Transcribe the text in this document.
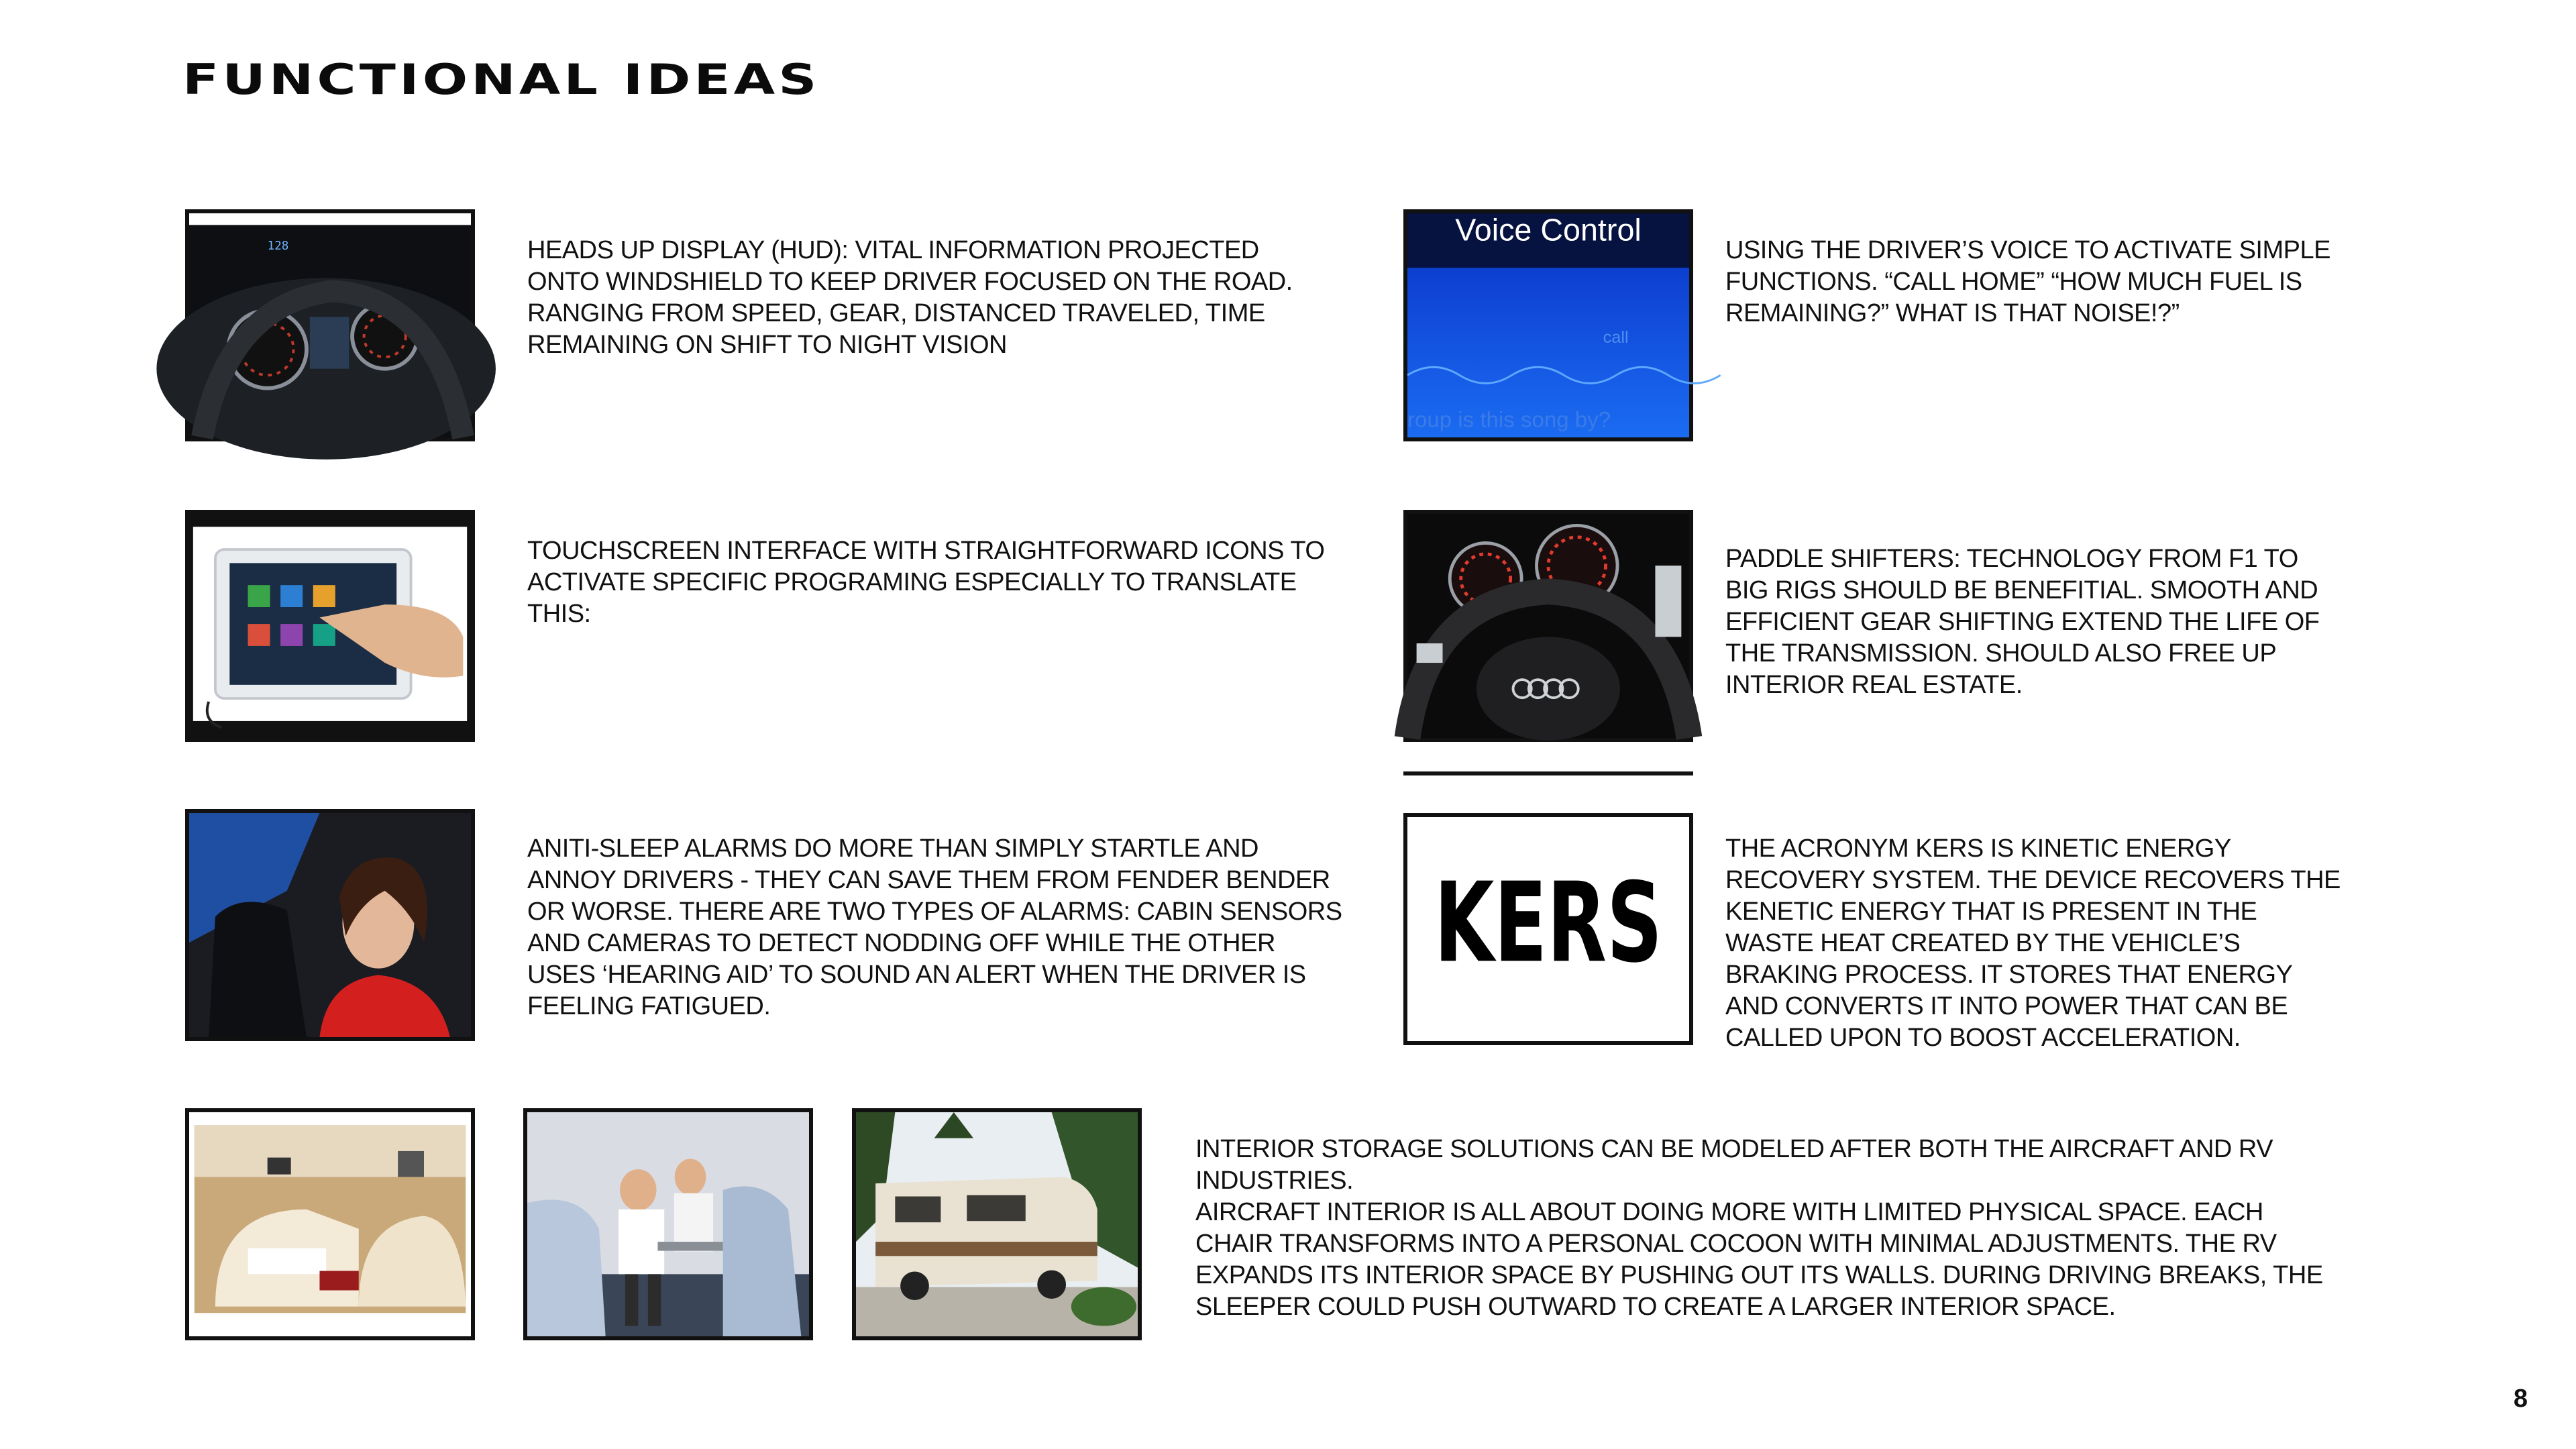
FUNCTIONAL IDEAS
128	HEADS UP DISPLAY (HUD): VITAL INFORMATION PROJECTED
ONTO WINDSHIELD TO KEEP DRIVER FOCUSED ON THE ROAD.
RANGING FROM SPEED, GEAR, DISTANCED TRAVELED, TIME
REMAINING ON SHIFT TO NIGHT VISION
Voice Control
call
roup is this song by?
USING THE DRIVER’S VOICE TO ACTIVATE SIMPLE
FUNCTIONS. “CALL HOME” “HOW MUCH FUEL IS
REMAINING?” WHAT IS THAT NOISE!?”
TOUCHSCREEN INTERFACE WITH STRAIGHTFORWARD ICONS TO
ACTIVATE SPECIFIC PROGRAMING ESPECIALLY TO TRANSLATE
THIS:
PADDLE SHIFTERS: TECHNOLOGY FROM F1 TO
BIG RIGS SHOULD BE BENEFITIAL. SMOOTH AND
EFFICIENT GEAR SHIFTING EXTEND THE LIFE OF
THE TRANSMISSION. SHOULD ALSO FREE UP
INTERIOR REAL ESTATE.
ANITI-SLEEP ALARMS DO MORE THAN SIMPLY STARTLE AND
ANNOY DRIVERS - THEY CAN SAVE THEM FROM FENDER BENDER
OR WORSE. THERE ARE TWO TYPES OF ALARMS: CABIN SENSORS
AND CAMERAS TO DETECT NODDING OFF WHILE THE OTHER
USES ‘HEARING AID’ TO SOUND AN ALERT WHEN THE DRIVER IS
FEELING FATIGUED.
KERS
THE ACRONYM KERS IS KINETIC ENERGY
RECOVERY SYSTEM. THE DEVICE RECOVERS THE
KENETIC ENERGY THAT IS PRESENT IN THE
WASTE HEAT CREATED BY THE VEHICLE’S
BRAKING PROCESS. IT STORES THAT ENERGY
AND CONVERTS IT INTO POWER THAT CAN BE
CALLED UPON TO BOOST ACCELERATION.
INTERIOR STORAGE SOLUTIONS CAN BE MODELED AFTER BOTH THE AIRCRAFT AND RV
INDUSTRIES.
AIRCRAFT INTERIOR IS ALL ABOUT DOING MORE WITH LIMITED PHYSICAL SPACE. EACH
CHAIR TRANSFORMS INTO A PERSONAL COCOON WITH MINIMAL ADJUSTMENTS. THE RV
EXPANDS ITS INTERIOR SPACE BY PUSHING OUT ITS WALLS. DURING DRIVING BREAKS, THE
SLEEPER COULD PUSH OUTWARD TO CREATE A LARGER INTERIOR SPACE.
8
